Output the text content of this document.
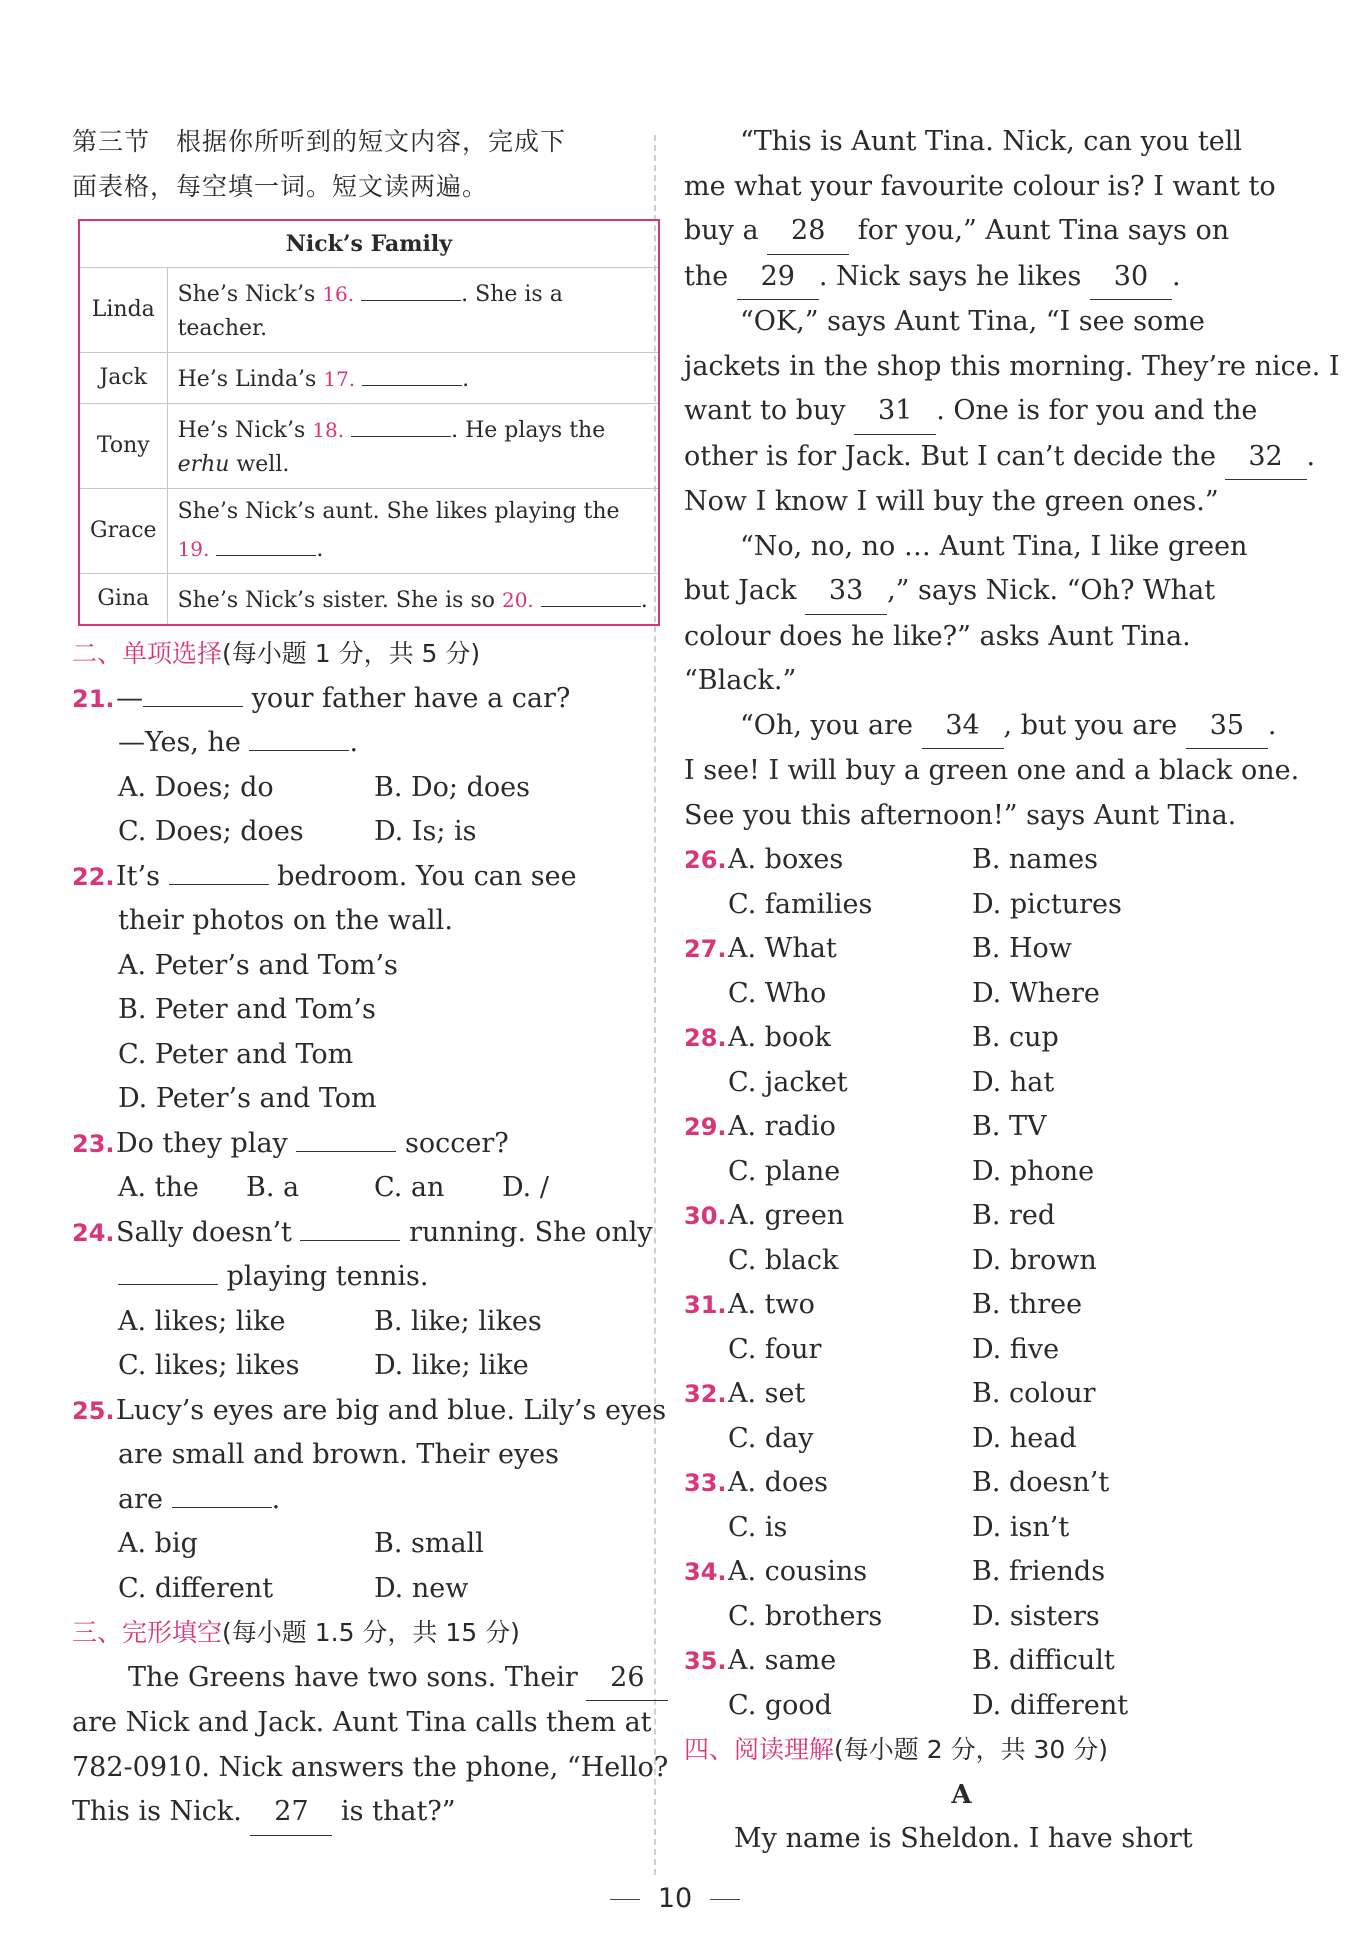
第三节　根据你所听到的短文内容，完成下
面表格，每空填一词。短文读两遍。
Nick’s Family	
Linda	She’s Nick’s 16. . She is a teacher.
Jack	He’s Linda’s 17. .
Tony	He’s Nick’s 18. . He plays the
erhu well.
Grace	She’s Nick’s aunt. She likes playing the 19. .
Gina	She’s Nick’s sister. She is so 20. .
二、单项选择(每小题 1 分，共 5 分)
21.—	your father have a car?
—Yes, he	.
A. Does; do	B. Do; does
C. Does; does	D. Is; is
22.It’s	bedroom. You can see
their photos on the wall.
A. Peter’s and Tom’s
B. Peter and Tom’s
C. Peter and Tom
D. Peter’s and Tom
23.Do they play	soccer?
A. the B. a	C. an D. /
24.Sally doesn’t	running. She only
playing tennis.
A. likes; like	B. like; likes
C. likes; likes	D. like; like
25.Lucy’s eyes are big and blue. Lily’s eyes
are small and brown. Their eyes
are	.
A. big	B. small
C. different	D. new
三、完形填空(每小题 1.5 分，共 15 分)
The Greens have two sons. Their 26
are Nick and Jack. Aunt Tina calls them at
782-0910. Nick answers the phone, “Hello?
This is Nick. 27 is that?”
“This is Aunt Tina. Nick, can you tell
me what your favourite colour is? I want to
buy a 28 for you,” Aunt Tina says on
the 29 . Nick says he likes 30 .
“OK,” says Aunt Tina, “I see some
jackets in the shop this morning. They’re nice. I
want to buy 31 . One is for you and the
other is for Jack. But I can’t decide the 32 .
Now I know I will buy the green ones.”
“No, no, no … Aunt Tina, I like green
but Jack 33 ,” says Nick. “Oh? What
colour does he like?” asks Aunt Tina.
“Black.”
“Oh, you are 34 , but you are 35 .
I see! I will buy a green one and a black one.
See you this afternoon!” says Aunt Tina.
26.A. boxes	B. names
C. families	D. pictures
27.A. What	B. How
C. Who	D. Where
28.A. book	B. cup
C. jacket	D. hat
29.A. radio	B. TV
C. plane	D. phone
30.A. green	B. red
C. black	D. brown
31.A. two	B. three
C. four	D. five
32.A. set	B. colour
C. day	D. head
33.A. does	B. doesn’t
C. is	D. isn’t
34.A. cousins	B. friends
C. brothers	D. sisters
35.A. same	B. difficult
C. good	D. different
四、阅读理解(每小题 2 分，共 30 分)
A
My name is Sheldon. I have short
10
